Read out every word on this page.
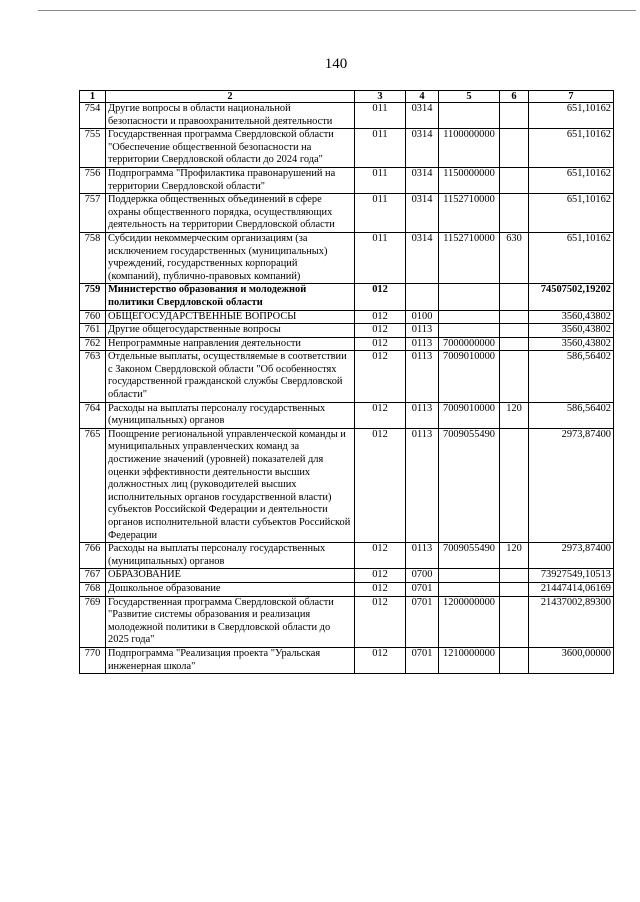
140
1	2	3	4	5	6	7
754	Другие вопросы в области национальной безопасности и правоохранительной деятельности	011	0314			651,10162
755	Государственная программа Свердловской области "Обеспечение общественной безопасности на территории Свердловской области до 2024 года"	011	0314	1100000000		651,10162
756	Подпрограмма "Профилактика правонарушений на территории Свердловской области"	011	0314	1150000000		651,10162
757	Поддержка общественных объединений в сфере охраны общественного порядка, осуществляющих деятельность на территории Свердловской области	011	0314	1152710000		651,10162
758	Субсидии некоммерческим организациям (за исключением государственных (муниципальных) учреждений, государственных корпораций (компаний), публично-правовых компаний)	011	0314	1152710000	630	651,10162
759	Министерство образования и молодежной политики Свердловской области	012				74507502,19202
760	ОБЩЕГОСУДАРСТВЕННЫЕ ВОПРОСЫ	012	0100			3560,43802
761	Другие общегосударственные вопросы	012	0113			3560,43802
762	Непрограммные направления деятельности	012	0113	7000000000		3560,43802
763	Отдельные выплаты, осуществляемые в соответствии с Законом Свердловской области "Об особенностях государственной гражданской службы Свердловской области"	012	0113	7009010000		586,56402
764	Расходы на выплаты персоналу государственных (муниципальных) органов	012	0113	7009010000	120	586,56402
765	Поощрение региональной управленческой команды и муниципальных управленческих команд за достижение значений (уровней) показателей для оценки эффективности деятельности высших должностных лиц (руководителей высших исполнительных органов государственной власти) субъектов Российской Федерации и деятельности органов исполнительной власти субъектов Российской Федерации	012	0113	7009055490		2973,87400
766	Расходы на выплаты персоналу государственных (муниципальных) органов	012	0113	7009055490	120	2973,87400
767	ОБРАЗОВАНИЕ	012	0700			73927549,10513
768	Дошкольное образование	012	0701			21447414,06169
769	Государственная программа Свердловской области "Развитие системы образования и реализация молодежной политики в Свердловской области до 2025 года"	012	0701	1200000000		21437002,89300
770	Подпрограмма "Реализация проекта "Уральская инженерная школа"	012	0701	1210000000		3600,00000
